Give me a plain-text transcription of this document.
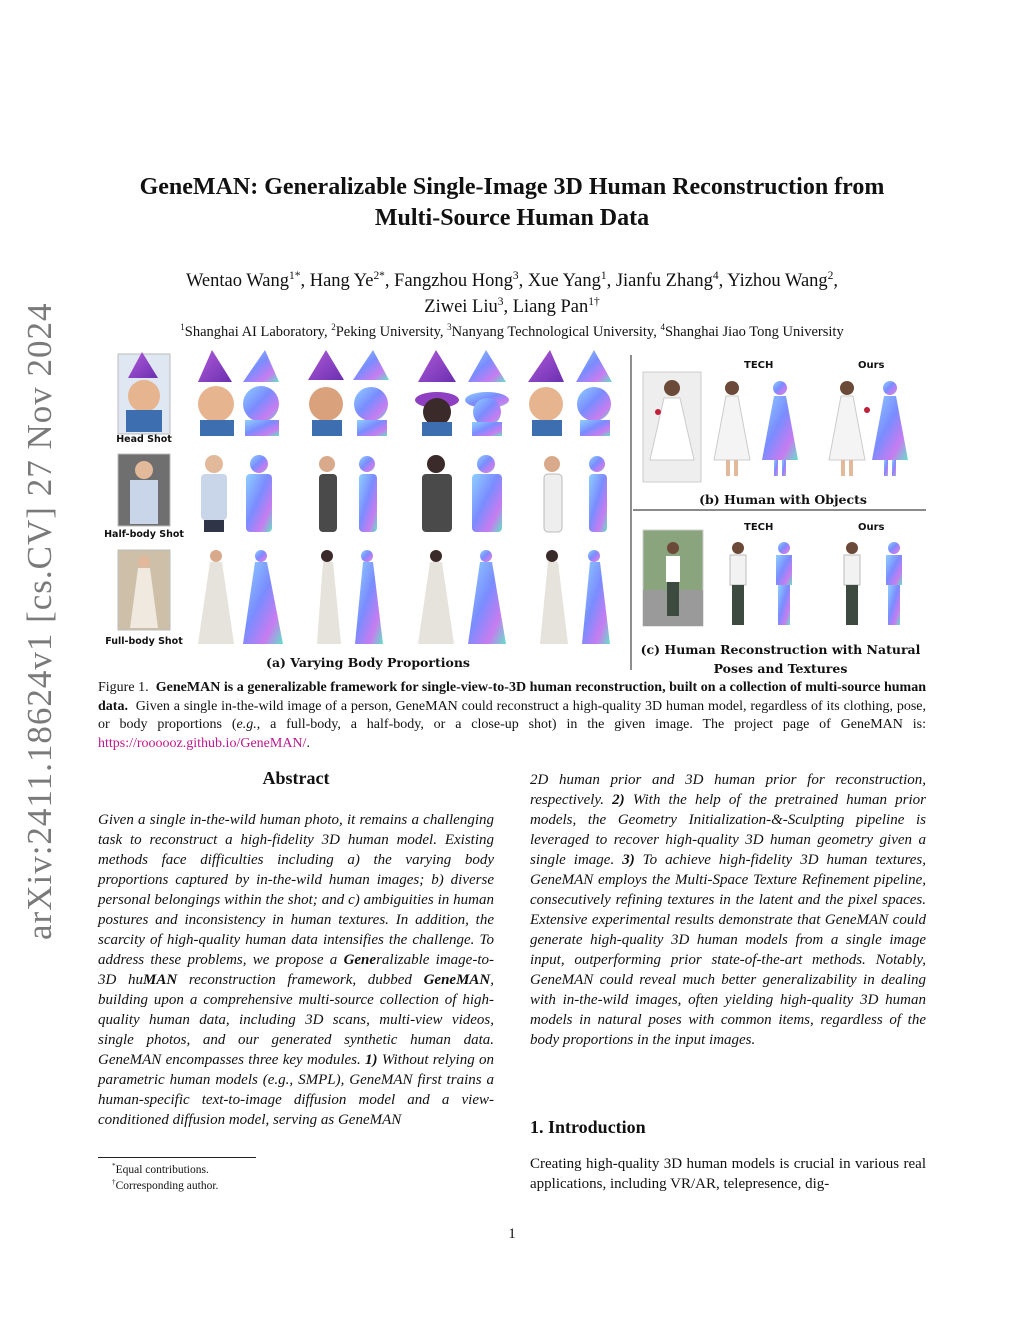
arXiv:2411.18624v1 [cs.CV] 27 Nov 2024
GeneMAN: Generalizable Single-Image 3D Human Reconstruction from
Multi-Source Human Data
Wentao Wang$^{1*}$, Hang $Ye^{2*}$, Fangzhou Hong$^3$, Xue Yang$^1$, Jianfu Zhang$^4$, Yizhou Wang$^2$,
Ziwei Liu$^3$, Liang Pan$^{1\dagger}$
$^1$Shanghai AI Laboratory, $^2$Peking University, $^3$Nanyang Technological University, $^4$Shanghai Jiao Tong University
Head Shot
Half-body Shot
Full-body Shot
(a) Varying Body Proportions
(b) Human with Objects
(c) Human Reconstruction with Natural
Poses and Textures
TECH	Ours
TECH	Ours
Figure 1. GeneMAN is a generalizable framework for single-view-to-3D human reconstruction, built on a collection of multi-source human data. Given a single in-the-wild image of a person, GeneMAN could reconstruct a high-quality 3D human model, regardless of its clothing, pose, or body proportions (e.g., a full-body, a half-body, or a close-up shot) in the given image. The project page of GeneMAN is: https://roooooz.github.io/GeneMAN/.
Abstract
Given a single in-the-wild human photo, it remains a challenging task to reconstruct a high-fidelity 3D human model. Existing methods face difficulties including a) the varying body proportions captured by in-the-wild human images; b) diverse personal belongings within the shot; and c) ambiguities in human postures and inconsistency in human textures. In addition, the scarcity of high-quality human data intensifies the challenge. To address these problems, we propose a Generalizable image-to-3D huMAN reconstruction framework, dubbed GeneMAN, building upon a comprehensive multi-source collection of high-quality human data, including 3D scans, multi-view videos, single photos, and our generated synthetic human data. GeneMAN encompasses three key modules. 1) Without relying on parametric human models (e.g., SMPL), GeneMAN first trains a human-specific text-to-image diffusion model and a view-conditioned diffusion model, serving as GeneMAN
2D human prior and 3D human prior for reconstruction, respectively. 2) With the help of the pretrained human prior models, the Geometry Initialization-&-Sculpting pipeline is leveraged to recover high-quality 3D human geometry given a single image. 3) To achieve high-fidelity 3D human textures, GeneMAN employs the Multi-Space Texture Refinement pipeline, consecutively refining textures in the latent and the pixel spaces. Extensive experimental results demonstrate that GeneMAN could generate high-quality 3D human models from a single image input, outperforming prior state-of-the-art methods. Notably, GeneMAN could reveal much better generalizability in dealing with in-the-wild images, often yielding high-quality 3D human models in natural poses with common items, regardless of the body proportions in the input images.
1. Introduction
Creating high-quality 3D human models is crucial in various real applications, including VR/AR, telepresence, dig-
*Equal contributions.
†Corresponding author.
1
